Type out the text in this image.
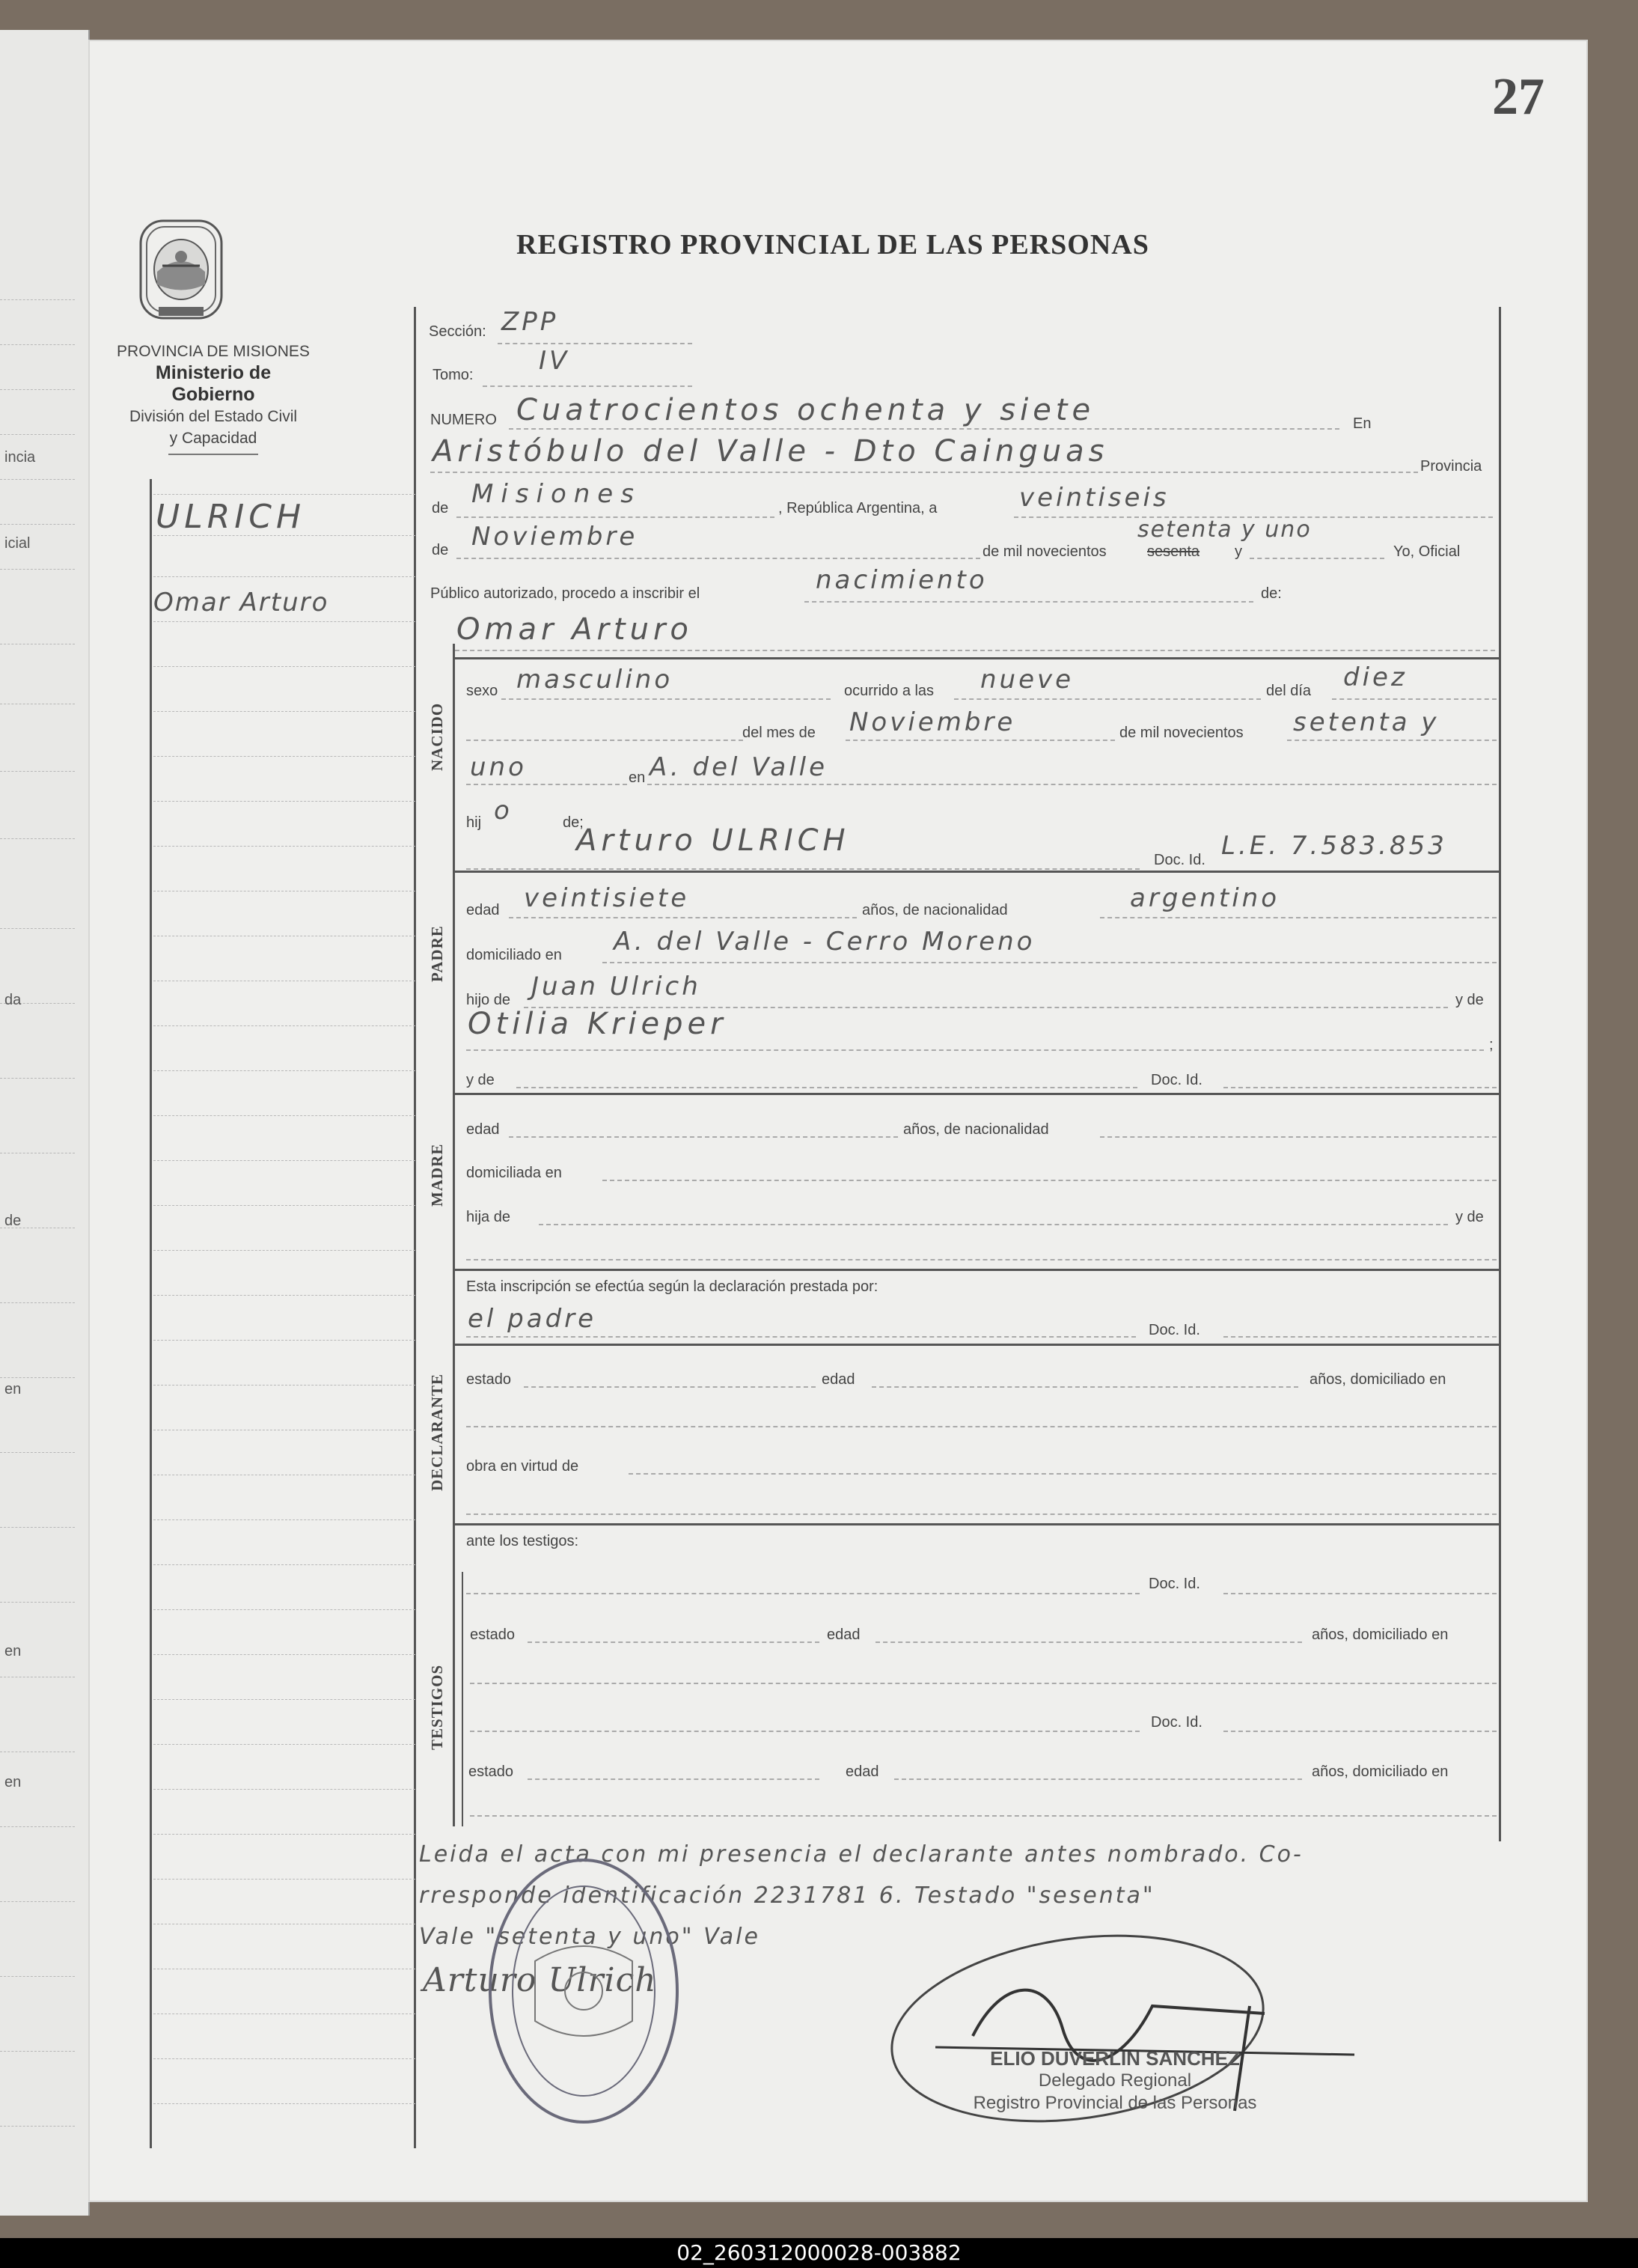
incia
icial
da
de
en
en
en
27
PROVINCIA DE MISIONES
Ministerio de Gobierno
División del Estado Civil
y Capacidad
REGISTRO PROVINCIAL DE LAS PERSONAS
ULRICH
Omar Arturo
Sección: ZPP
Tomo:	IV
NUMERO Cuatrocientos ochenta y siete	En
Aristóbulo del Valle - Dto Cainguas	Provincia
de Misiones	, República Argentina, a	veintiseis
de Noviembre	de mil novecientos	sesenta y
setenta y uno
Yo, Oficial
Público autorizado, procedo a inscribir el	nacimiento	de:
Omar Arturo
NACIDO
sexo masculino	ocurrido a las nueve	del día diez
del mes de Noviembre	de mil novecientos setenta y
uno	en A. del Valle
hij o	de;
Arturo ULRICH
Doc. Id. L.E. 7.583.853
PADRE
edad veintisiete	años, de nacionalidad	argentino
domiciliado en A. del Valle - Cerro Moreno
hijo de Juan Ulrich	y de
Otilia Krieper
;
y de	Doc. Id.
MADRE
edad	años, de nacionalidad
domiciliada en
hija de	y de
Esta inscripción se efectúa según la declaración prestada por:
el padre	Doc. Id.
DECLARANTE estado	edad	años, domiciliado en
obra en virtud de
ante los testigos:
Doc. Id.
TESTIGOS
estado	edad	años, domiciliado en
Doc. Id.
estado	edad	años, domiciliado en
Leida el acta con mi presencia el declarante antes nombrado. Co-
rresponde identificación 2231781 6. Testado "sesenta"
Vale "setenta y uno" Vale
Arturo Ulrich
ELIO DUVERLIN SANCHEZ
Delegado Regional
Registro Provincial de las Personas
02_260312000028-003882
